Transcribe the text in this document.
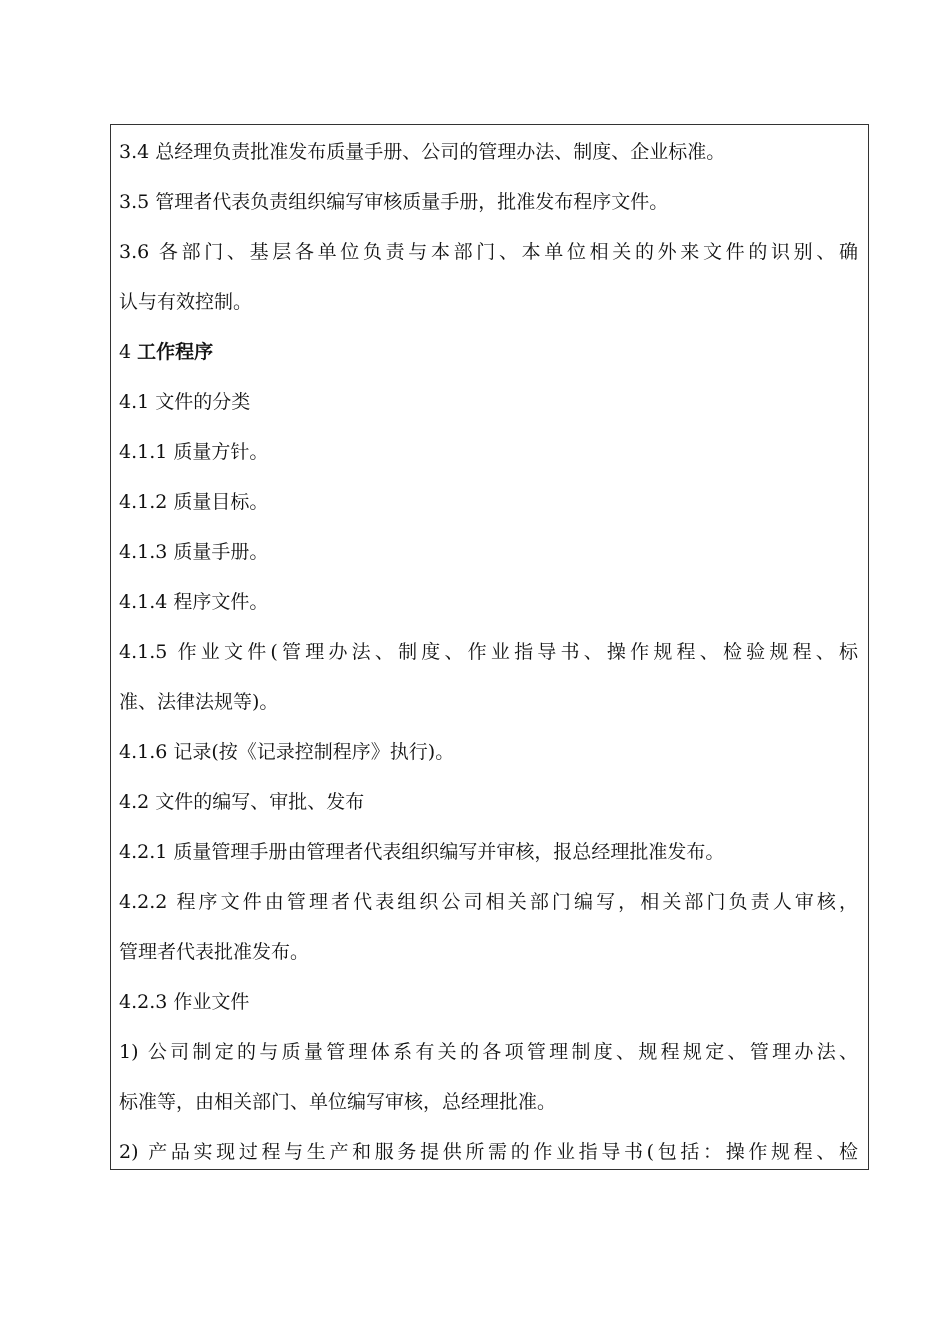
3.4 总经理负责批准发布质量手册、公司的管理办法、制度、企业标准。

3.5 管理者代表负责组织编写审核质量手册，批准发布程序文件。

3.6 各部门、基层各单位负责与本部门、本单位相关的外来文件的识别、确

认与有效控制。

4 工作程序

4.1 文件的分类

4.1.1 质量方针。

4.1.2 质量目标。

4.1.3 质量手册。

4.1.4 程序文件。

4.1.5 作业文件(管理办法、制度、作业指导书、操作规程、检验规程、标

准、法律法规等)。

4.1.6 记录(按《记录控制程序》执行)。

4.2 文件的编写、审批、发布

4.2.1 质量管理手册由管理者代表组织编写并审核，报总经理批准发布。

4.2.2 程序文件由管理者代表组织公司相关部门编写，相关部门负责人审核，

管理者代表批准发布。

4.2.3 作业文件

1) 公司制定的与质量管理体系有关的各项管理制度、规程规定、管理办法、

标准等，由相关部门、单位编写审核，总经理批准。

2) 产品实现过程与生产和服务提供所需的作业指导书(包括：操作规程、检
